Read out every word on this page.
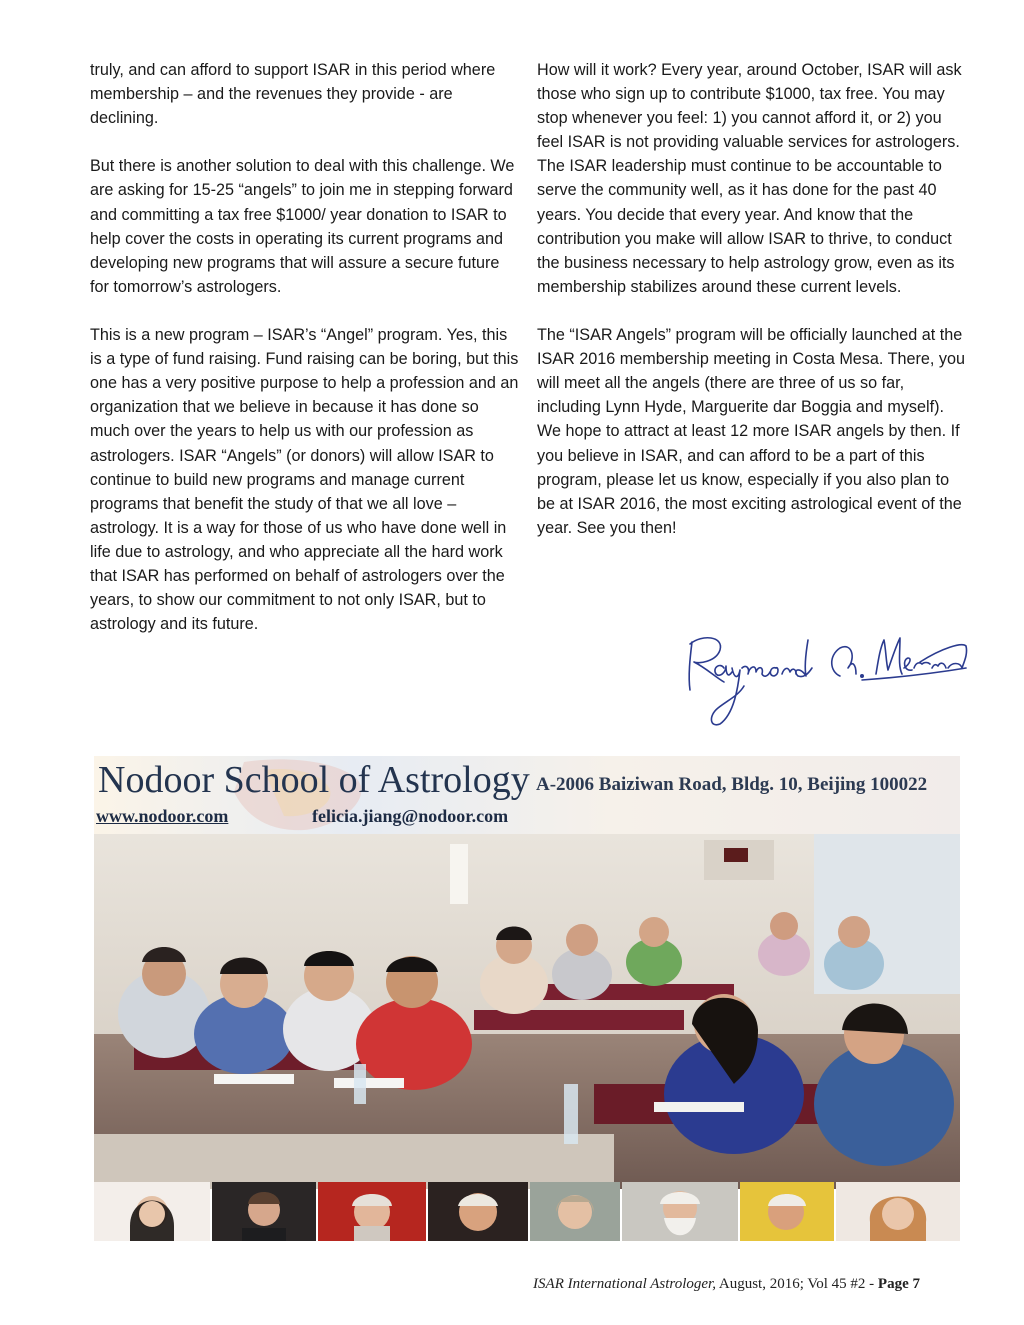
truly, and can afford to support ISAR in this period where membership – and the revenues they provide - are declining.

But there is another solution to deal with this challenge. We are asking for 15-25 “angels” to join me in stepping forward and committing a tax free $1000/ year donation to ISAR to help cover the costs in operating its current programs and developing new programs that will assure a secure future for tomorrow’s astrologers.

This is a new program – ISAR’s “Angel” program. Yes, this is a type of fund raising. Fund raising can be boring, but this one has a very positive purpose to help a profession and an organization that we believe in because it has done so much over the years to help us with our profession as astrologers. ISAR “Angels” (or donors) will allow ISAR to continue to build new programs and manage current programs that benefit the study of that we all love – astrology. It is a way for those of us who have done well in life due to astrology, and who appreciate all the hard work that ISAR has performed on behalf of astrologers over the years, to show our commitment to not only ISAR, but to astrology and its future.

How will it work? Every year, around October, ISAR will ask those who sign up to contribute $1000, tax free. You may stop whenever you feel: 1) you cannot afford it, or 2) you feel ISAR is not providing valuable services for astrologers. The ISAR leadership must continue to be accountable to serve the community well, as it has done for the past 40 years. You decide that every year. And know that the contribution you make will allow ISAR to thrive, to conduct the business necessary to help astrology grow, even as its membership stabilizes around these current levels.

The “ISAR Angels” program will be officially launched at the ISAR 2016 membership meeting in Costa Mesa. There, you will meet all the angels (there are three of us so far, including Lynn Hyde, Marguerite dar Boggia and myself). We hope to attract at least 12 more ISAR angels by then. If you believe in ISAR, and can afford to be a part of this program, please let us know, especially if you also plan to be at ISAR 2016, the most exciting astrological event of the year. See you then!

Nodoor School of Astrology A-2006 Baiziwan Road, Bldg. 10, Beijing 100022
www.nodoor.com	felicia.jiang@nodoor.com
ISAR International Astrologer, August, 2016; Vol 45 #2 - Page 7
